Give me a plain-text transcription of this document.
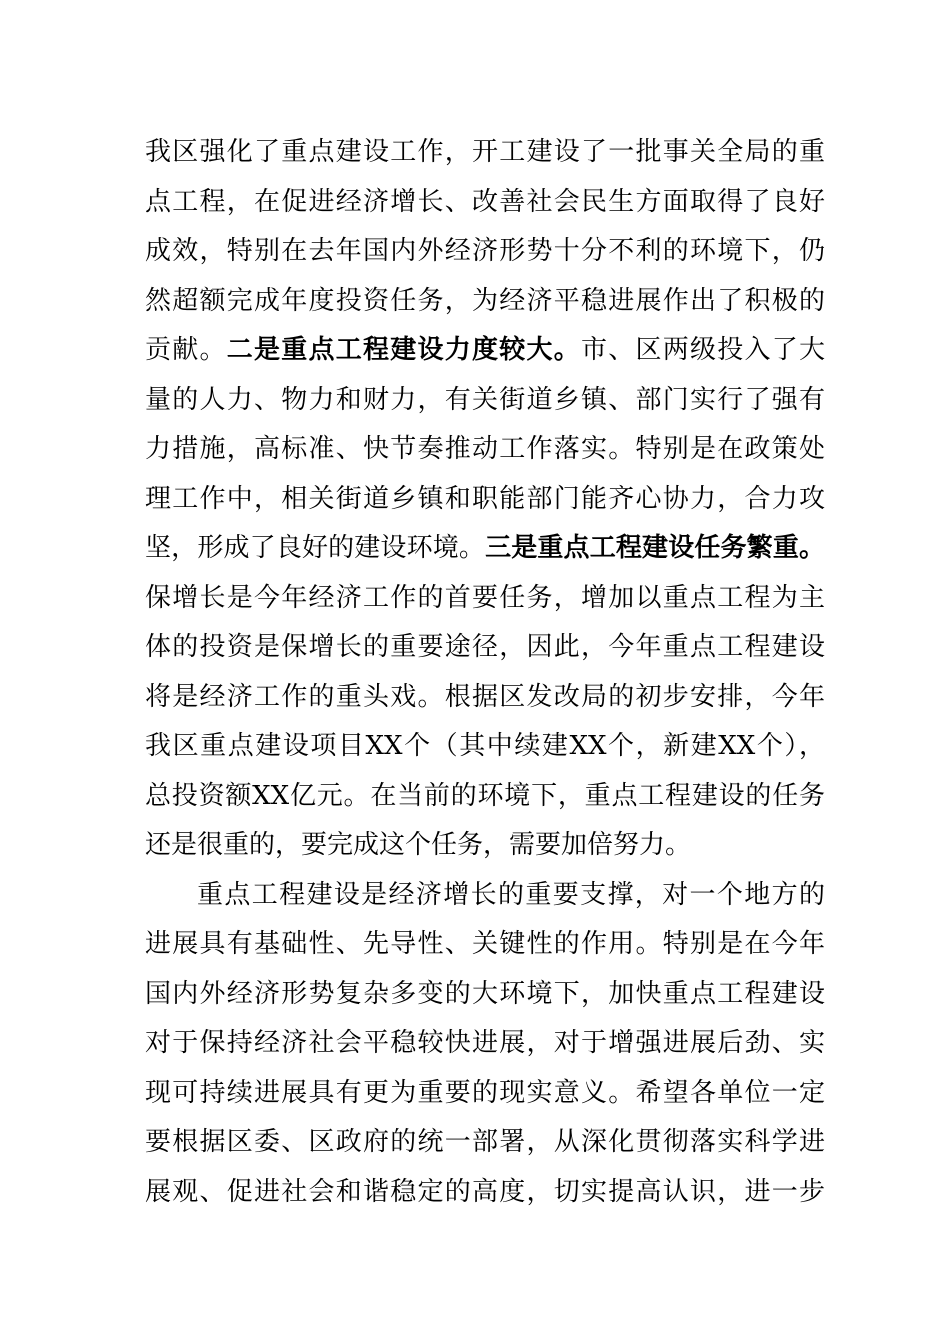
我区强化了重点建设工作，开工建设了一批事关全局的重
点工程，在促进经济增长、改善社会民生方面取得了良好
成效，特别在去年国内外经济形势十分不利的环境下，仍
然超额完成年度投资任务，为经济平稳进展作出了积极的
贡献。二是重点工程建设力度较大。市、区两级投入了大
量的人力、物力和财力，有关街道乡镇、部门实行了强有
力措施，高标准、快节奏推动工作落实。特别是在政策处
理工作中，相关街道乡镇和职能部门能齐心协力，合力攻
坚，形成了良好的建设环境。三是重点工程建设任务繁重。
保增长是今年经济工作的首要任务，增加以重点工程为主
体的投资是保增长的重要途径，因此，今年重点工程建设
将是经济工作的重头戏。根据区发改局的初步安排，今年
我区重点建设项目XX个（其中续建XX个，新建XX个），
总投资额XX亿元。在当前的环境下，重点工程建设的任务
还是很重的，要完成这个任务，需要加倍努力。
重点工程建设是经济增长的重要支撑，对一个地方的
进展具有基础性、先导性、关键性的作用。特别是在今年
国内外经济形势复杂多变的大环境下，加快重点工程建设
对于保持经济社会平稳较快进展，对于增强进展后劲、实
现可持续进展具有更为重要的现实意义。希望各单位一定
要根据区委、区政府的统一部署，从深化贯彻落实科学进
展观、促进社会和谐稳定的高度，切实提高认识，进一步
